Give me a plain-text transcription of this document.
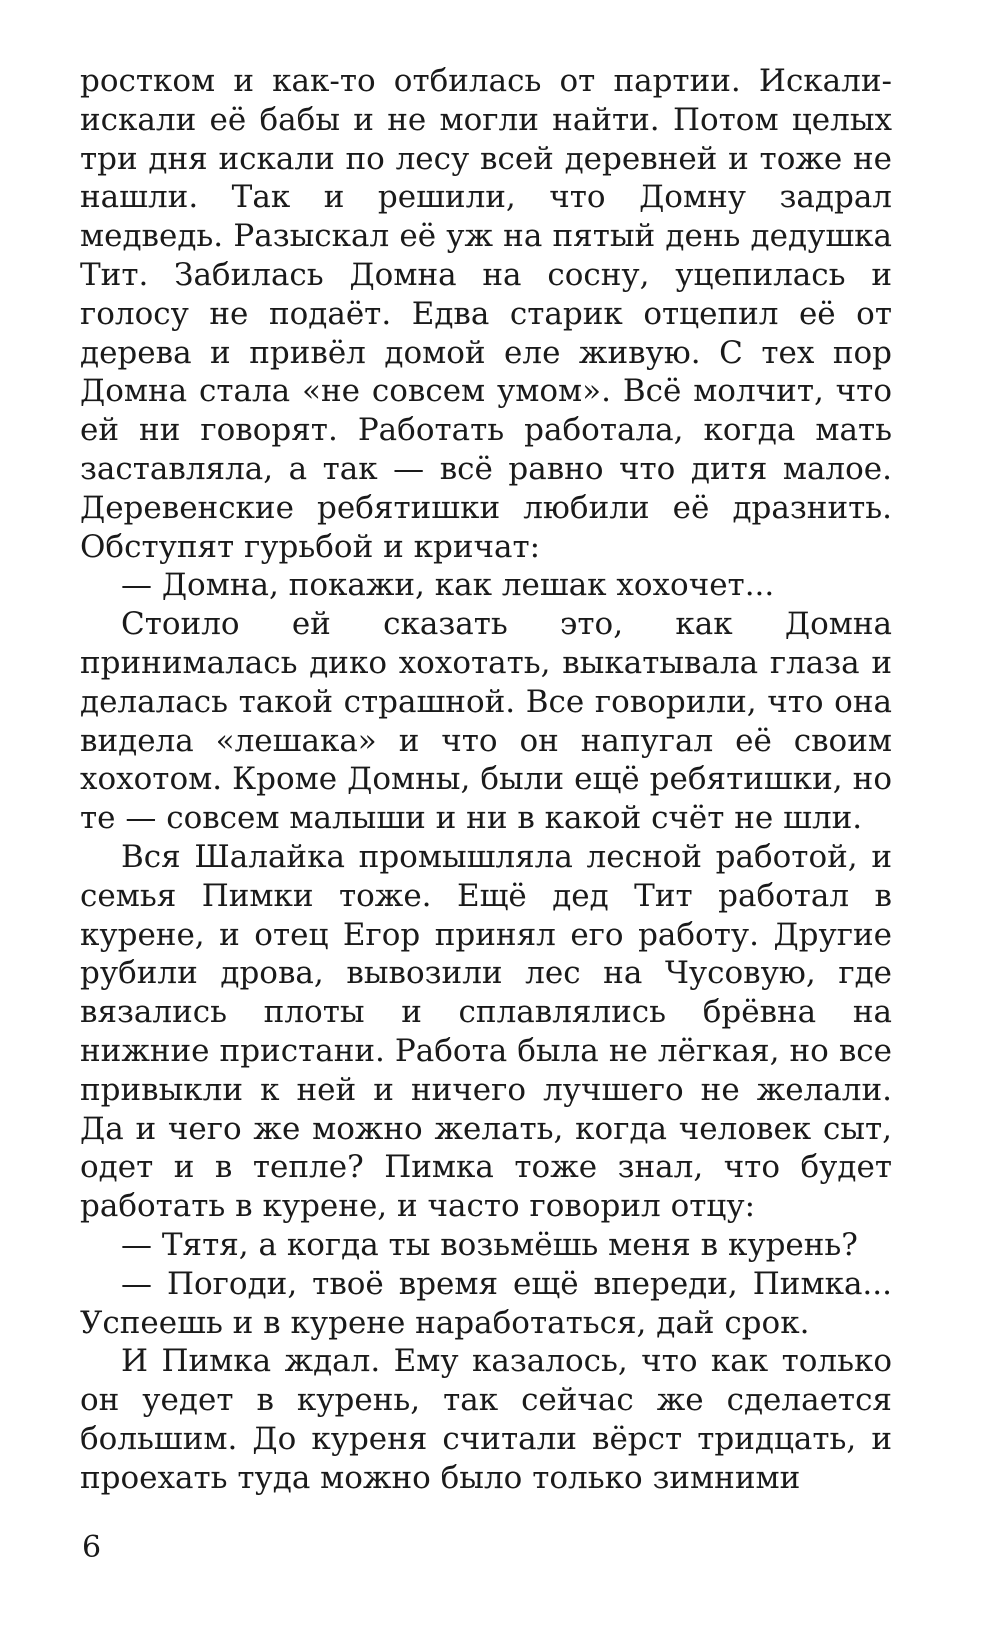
ростком и как-то отбилась от партии. Искали-искали её бабы и не могли найти. Потом целых три дня искали по лесу всей деревней и тоже не нашли. Так и решили, что Домну задрал медведь. Разыскал её уж на пятый день дедушка Тит. Забилась Домна на сосну, уцепилась и голосу не подаёт. Едва старик отцепил её от дерева и привёл домой еле живую. С тех пор Домна стала «не совсем умом». Всё молчит, что ей ни говорят. Работать работала, когда мать заставляла, а так — всё равно что дитя малое. Деревенские ребятишки любили её дразнить. Обступят гурьбой и кричат:

— Домна, покажи, как лешак хохочет...

Стоило ей сказать это, как Домна принималась дико хохотать, выкатывала глаза и делалась такой страшной. Все говорили, что она видела «лешака» и что он напугал её своим хохотом. Кроме Домны, были ещё ребятишки, но те — совсем малыши и ни в какой счёт не шли.

Вся Шалайка промышляла лесной работой, и семья Пимки тоже. Ещё дед Тит работал в курене, и отец Егор принял его работу. Другие рубили дрова, вывозили лес на Чусовую, где вязались плоты и сплавлялись брёвна на нижние пристани. Работа была не лёгкая, но все привыкли к ней и ничего лучшего не желали. Да и чего же можно желать, когда человек сыт, одет и в тепле? Пимка тоже знал, что будет работать в курене, и часто говорил отцу:

— Тятя, а когда ты возьмёшь меня в курень?

— Погоди, твоё время ещё впереди, Пимка... Успеешь и в курене наработаться, дай срок.

И Пимка ждал. Ему казалось, что как только он уедет в курень, так сейчас же сделается большим. До куреня считали вёрст тридцать, и проехать туда можно было только зимними

6
